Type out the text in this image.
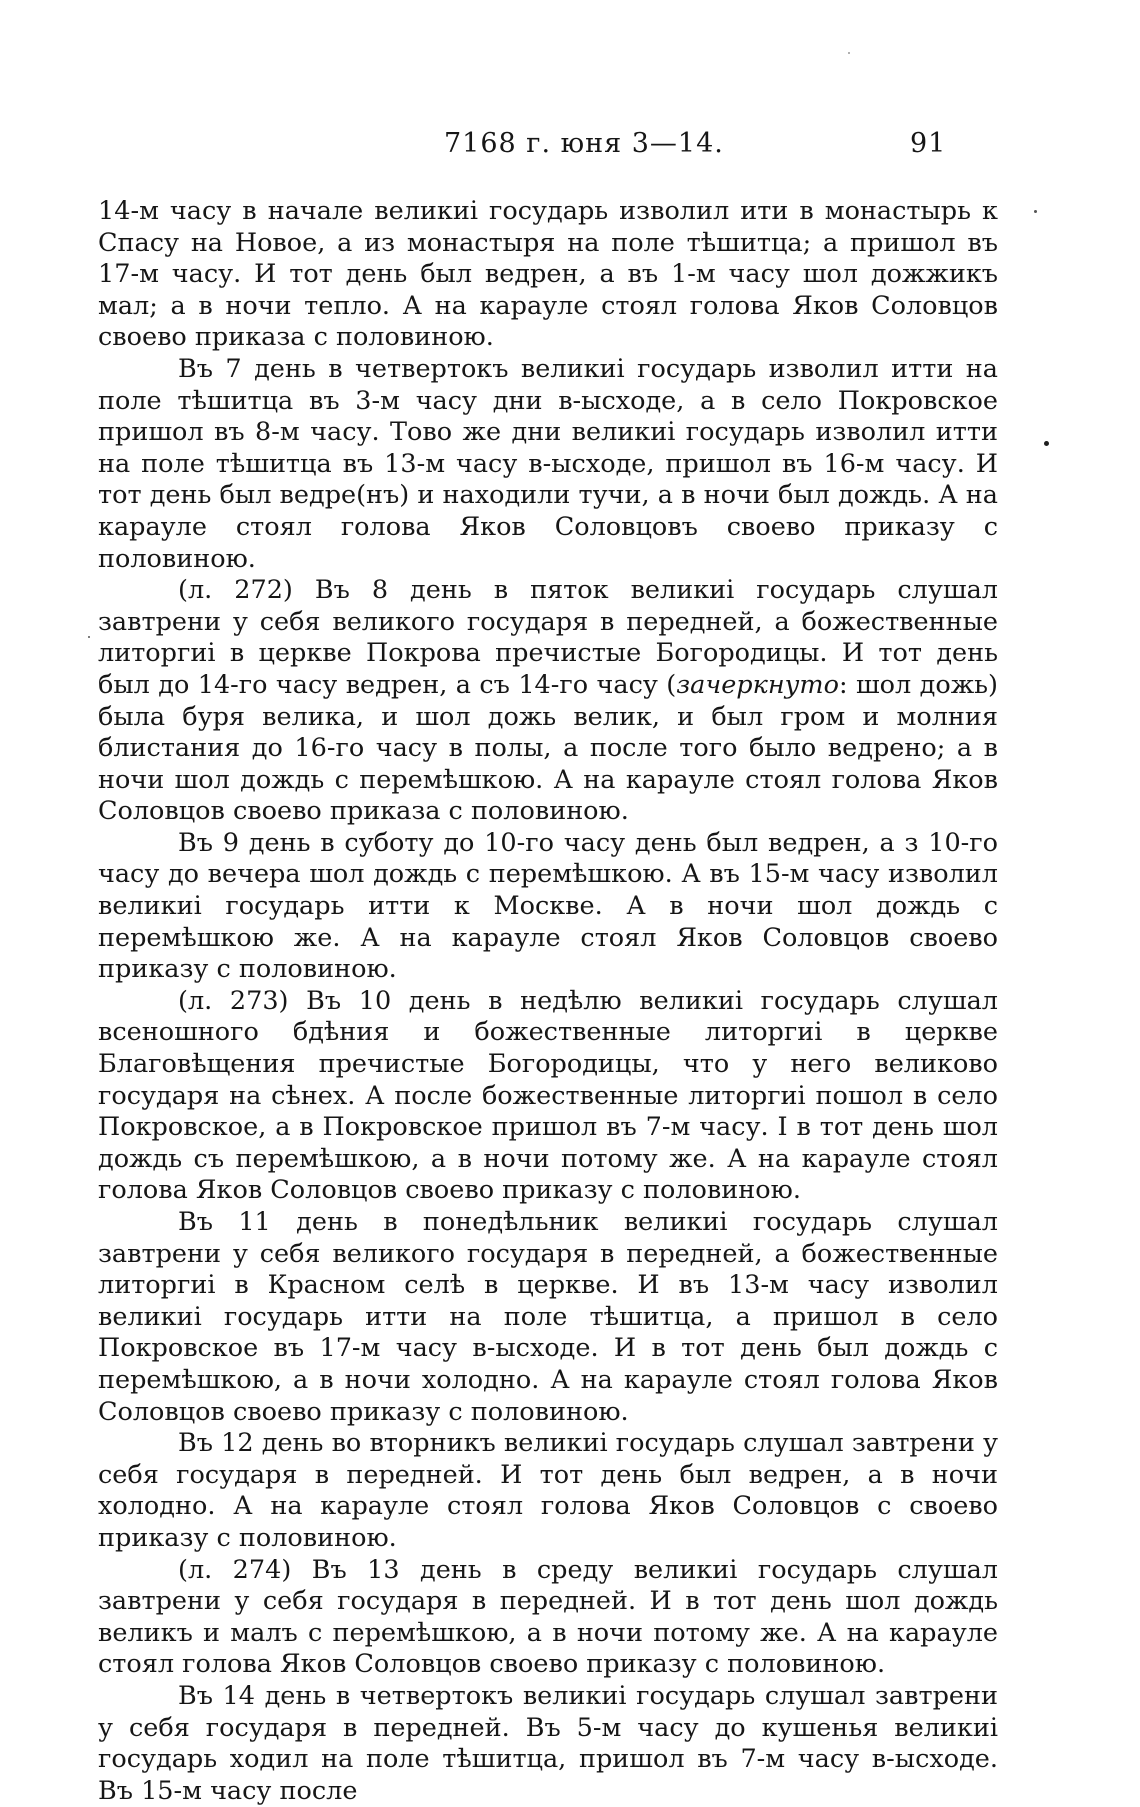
7168 г. юня 3—14.	91

14-м часу в начале великиі государь изволил ити в монастырь к Спасу на Новое, а из монастыря на поле тѣшитца; а пришол въ 17-м часу. И тот день был ведрен, а въ 1-м часу шол дожжикъ мал; а в ночи тепло. А на карауле стоял голова Яков Соловцов своево приказа с половиною.

Въ 7 день в четвертокъ великиі государь изволил итти на поле тѣшитца въ 3-м часу дни в-ысходе, а в село Покровское пришол въ 8-м часу. Тово же дни великиі государь изволил итти на поле тѣшитца въ 13-м часу в-ысходе, пришол въ 16-м часу. И тот день был ведре(нъ) и находили тучи, а в ночи был дождь. А на карауле стоял голова Яков Соловцовъ своево приказу с половиною.

(л. 272) Въ 8 день в пяток великиі государь слушал завтрени у себя великого государя в передней, а божественные литоргиі в церкве Покрова пречистые Богородицы. И тот день был до 14-го часу ведрен, а съ 14-го часу (зачеркнуто: шол дожь) была буря велика, и шол дожь велик, и был гром и молния блистания до 16-го часу в полы, а после того было ведрено; а в ночи шол дождь с перемѣшкою. А на карауле стоял голова Яков Соловцов своево приказа с половиною.

Въ 9 день в суботу до 10-го часу день был ведрен, а з 10-го часу до вечера шол дождь с перемѣшкою. А въ 15-м часу изволил великиі государь итти к Москве. А в ночи шол дождь с перемѣшкою же. А на карауле стоял Яков Соловцов своево приказу с половиною.

(л. 273) Въ 10 день в недѣлю великиі государь слушал всеношного бдѣния и божественные литоргиі в церкве Благовѣщения пречистые Богородицы, что у него великово государя на сѣнех. А после божественные литоргиі пошол в село Покровское, а в Покровское пришол въ 7-м часу. І в тот день шол дождь съ перемѣшкою, а в ночи потому же. А на карауле стоял голова Яков Соловцов своево приказу с половиною.

Въ 11 день в понедѣльник великиі государь слушал завтрени у себя великого государя в передней, а божественные литоргиі в Красном селѣ в церкве. И въ 13-м часу изволил великиі государь итти на поле тѣшитца, а пришол в село Покровское въ 17-м часу в-ысходе. И в тот день был дождь с перемѣшкою, а в ночи холодно. А на карауле стоял голова Яков Соловцов своево приказу с половиною.

Въ 12 день во вторникъ великиі государь слушал завтрени у себя государя в передней. И тот день был ведрен, а в ночи холодно. А на карауле стоял голова Яков Соловцов с своево приказу с половиною.

(л. 274) Въ 13 день в среду великиі государь слушал завтрени у себя государя в передней. И в тот день шол дождь великъ и малъ с перемѣшкою, а в ночи потому же. А на карауле стоял голова Яков Соловцов своево приказу с половиною.

Въ 14 день в четвертокъ великиі государь слушал завтрени у себя государя в передней. Въ 5-м часу до кушенья великиі государь ходил на поле тѣшитца, пришол въ 7-м часу в-ысходе. Въ 15-м часу после
